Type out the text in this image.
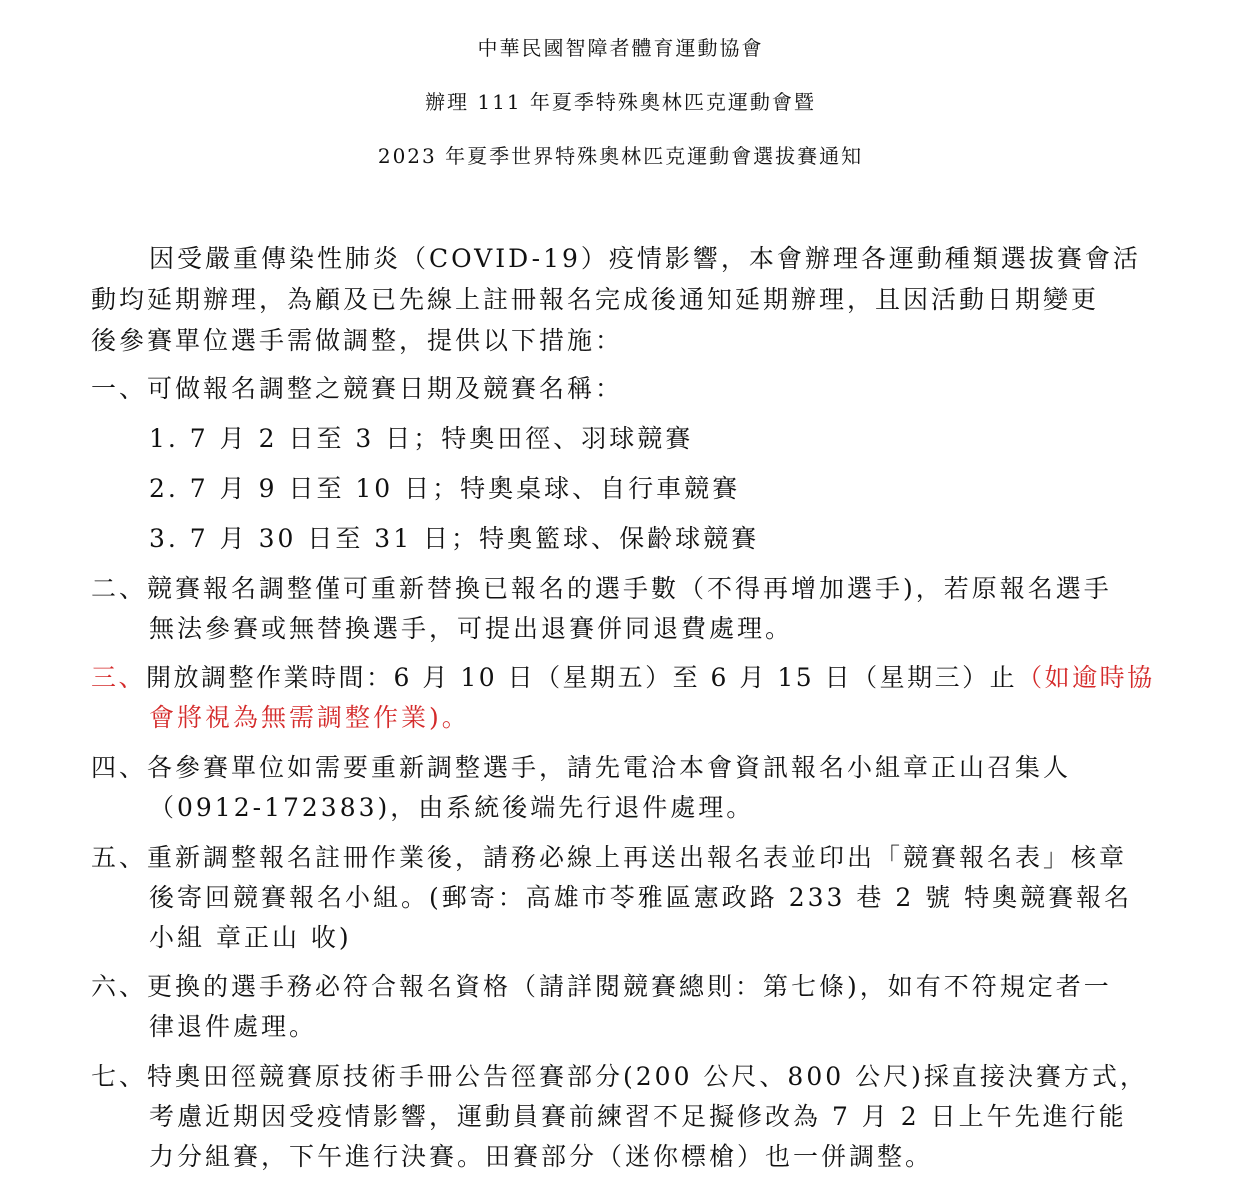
中華民國智障者體育運動協會
辦理 111 年夏季特殊奧林匹克運動會暨
2023 年夏季世界特殊奧林匹克運動會選拔賽通知
因受嚴重傳染性肺炎（COVID-19）疫情影響，本會辦理各運動種類選拔賽會活
動均延期辦理，為顧及已先線上註冊報名完成後通知延期辦理，且因活動日期變更
後參賽單位選手需做調整，提供以下措施：
一、可做報名調整之競賽日期及競賽名稱：
1. 7 月 2 日至 3 日；特奧田徑、羽球競賽
2. 7 月 9 日至 10 日；特奧桌球、自行車競賽
3. 7 月 30 日至 31 日；特奧籃球、保齡球競賽
二、競賽報名調整僅可重新替換已報名的選手數（不得再增加選手)，若原報名選手
無法參賽或無替換選手，可提出退賽併同退費處理。
三、開放調整作業時間：6 月 10 日（星期五）至 6 月 15 日（星期三）止（如逾時協
會將視為無需調整作業)。
四、各參賽單位如需要重新調整選手，請先電洽本會資訊報名小組章正山召集人
（0912-172383)，由系統後端先行退件處理。
五、重新調整報名註冊作業後，請務必線上再送出報名表並印出「競賽報名表」核章
後寄回競賽報名小組。(郵寄：高雄市苓雅區憲政路 233 巷 2 號 特奧競賽報名
小組 章正山 收)
六、更換的選手務必符合報名資格（請詳閱競賽總則：第七條)，如有不符規定者一
律退件處理。
七、特奧田徑競賽原技術手冊公告徑賽部分(200 公尺、800 公尺)採直接決賽方式，
考慮近期因受疫情影響，運動員賽前練習不足擬修改為 7 月 2 日上午先進行能
力分組賽，下午進行決賽。田賽部分（迷你標槍）也一併調整。
